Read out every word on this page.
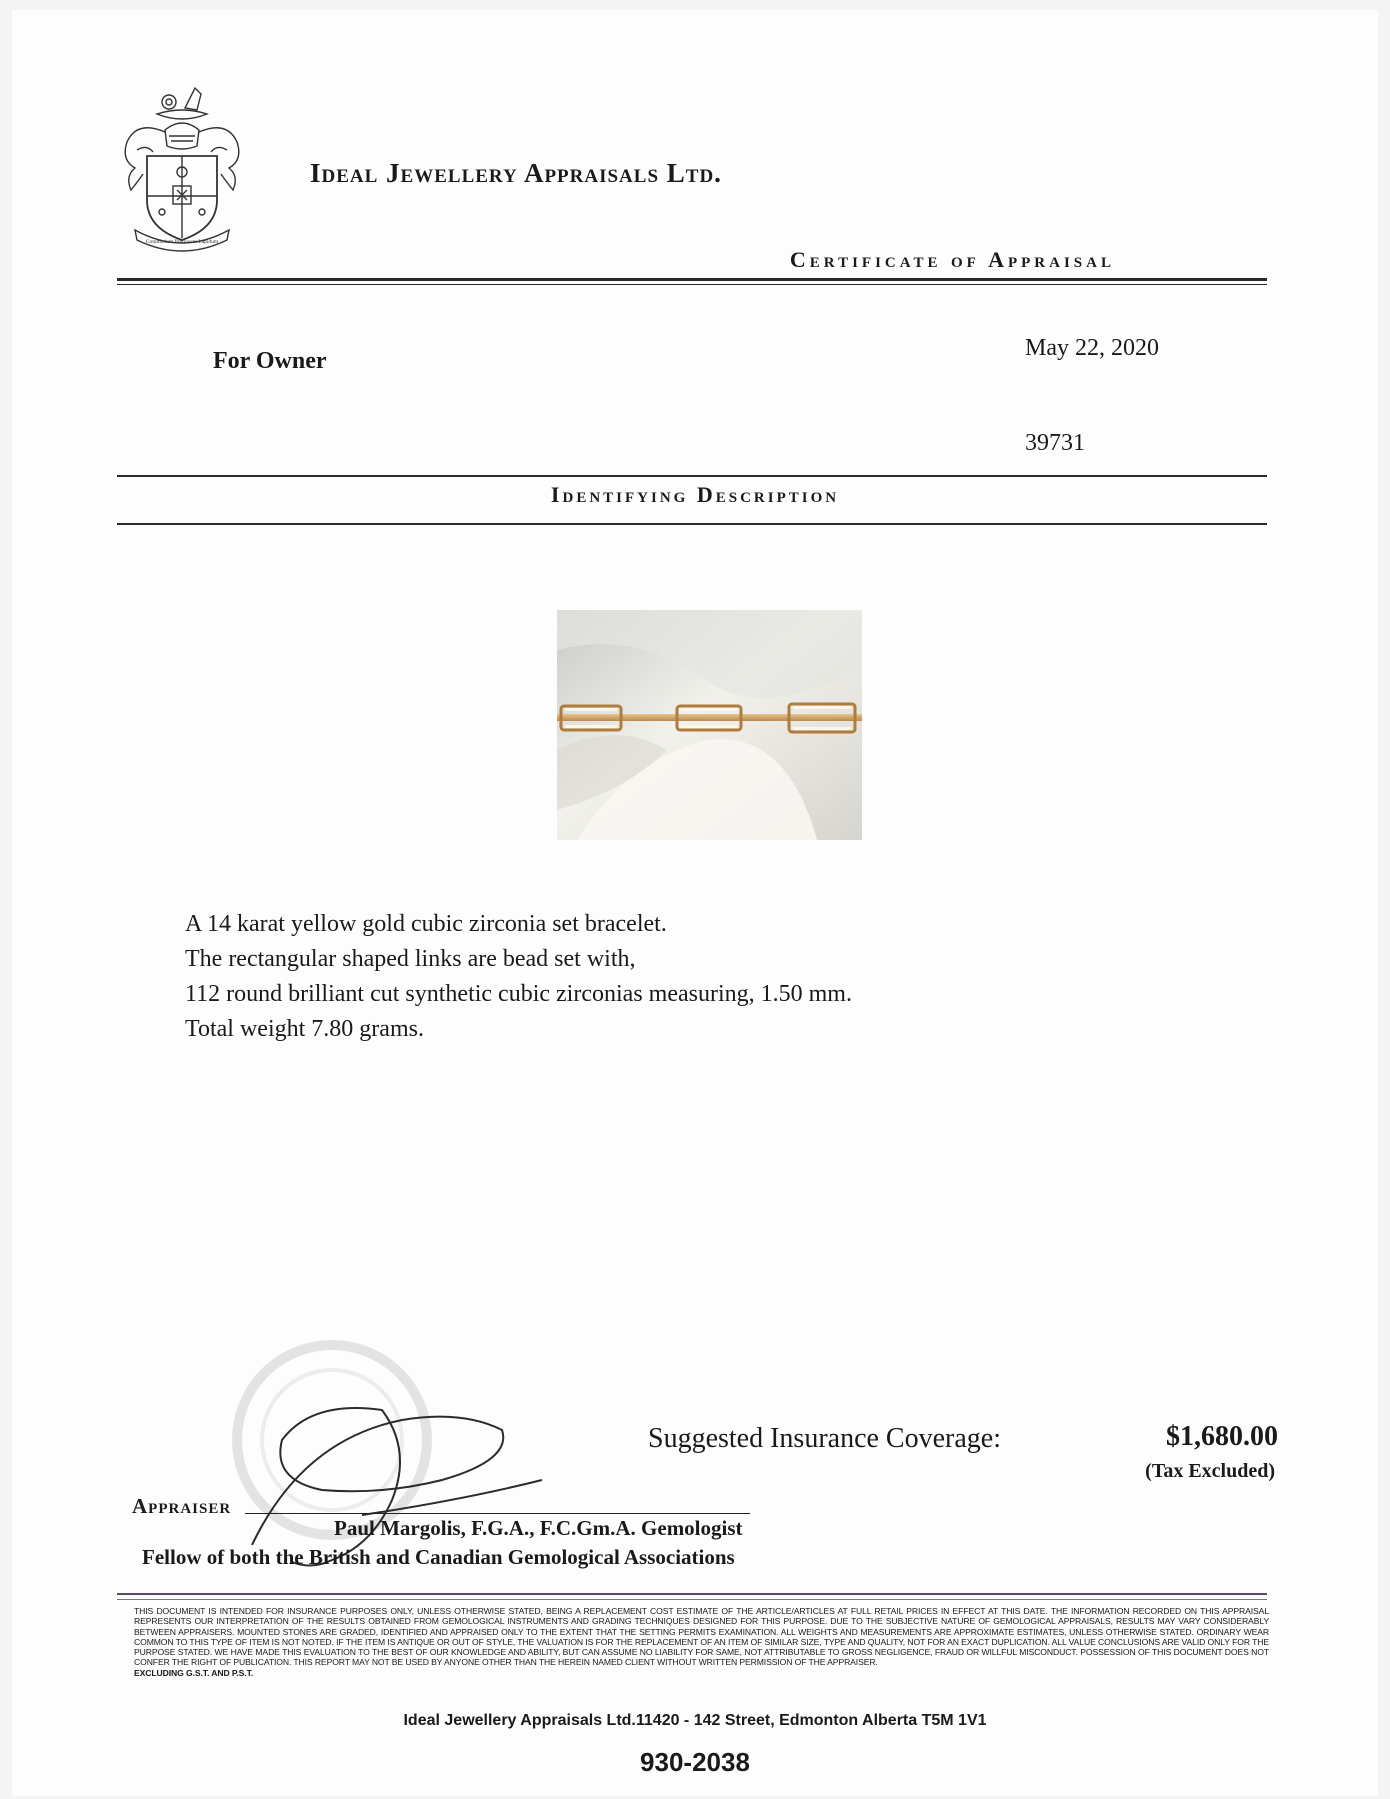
Commodum Pretiosum Lapidum
Ideal Jewellery Appraisals Ltd.
Certificate of Appraisal
For Owner	May 22, 2020
39731
Identifying Description
A 14 karat yellow gold cubic zirconia set bracelet.
The rectangular shaped links are bead set with,
112 round brilliant cut synthetic cubic zirconias measuring, 1.50 mm.
Total weight 7.80 grams.
Suggested Insurance Coverage:	$1,680.00
(Tax Excluded)
Appraiser
Paul Margolis, F.G.A., F.C.Gm.A. Gemologist
Fellow of both the British and Canadian Gemological Associations
THIS DOCUMENT IS INTENDED FOR INSURANCE PURPOSES ONLY, UNLESS OTHERWISE STATED, BEING A REPLACEMENT COST ESTIMATE OF THE ARTICLE/ARTICLES AT FULL RETAIL PRICES IN EFFECT AT THIS DATE. THE INFORMATION RECORDED ON THIS APPRAISAL REPRESENTS OUR INTERPRETATION OF THE RESULTS OBTAINED FROM GEMOLOGICAL INSTRUMENTS AND GRADING TECHNIQUES DESIGNED FOR THIS PURPOSE. DUE TO THE SUBJECTIVE NATURE OF GEMOLOGICAL APPRAISALS, RESULTS MAY VARY CONSIDERABLY BETWEEN APPRAISERS. MOUNTED STONES ARE GRADED, IDENTIFIED AND APPRAISED ONLY TO THE EXTENT THAT THE SETTING PERMITS EXAMINATION. ALL WEIGHTS AND MEASUREMENTS ARE APPROXIMATE ESTIMATES, UNLESS OTHERWISE STATED. ORDINARY WEAR COMMON TO THIS TYPE OF ITEM IS NOT NOTED. IF THE ITEM IS ANTIQUE OR OUT OF STYLE, THE VALUATION IS FOR THE REPLACEMENT OF AN ITEM OF SIMILAR SIZE, TYPE AND QUALITY, NOT FOR AN EXACT DUPLICATION. ALL VALUE CONCLUSIONS ARE VALID ONLY FOR THE PURPOSE STATED. WE HAVE MADE THIS EVALUATION TO THE BEST OF OUR KNOWLEDGE AND ABILITY, BUT CAN ASSUME NO LIABILITY FOR SAME, NOT ATTRIBUTABLE TO GROSS NEGLIGENCE, FRAUD OR WILLFUL MISCONDUCT. POSSESSION OF THIS DOCUMENT DOES NOT CONFER THE RIGHT OF PUBLICATION. THIS REPORT MAY NOT BE USED BY ANYONE OTHER THAN THE HEREIN NAMED CLIENT WITHOUT WRITTEN PERMISSION OF THE APPRAISER.
EXCLUDING G.S.T. AND P.S.T.
Ideal Jewellery Appraisals Ltd.11420 - 142 Street, Edmonton Alberta T5M 1V1
930-2038
